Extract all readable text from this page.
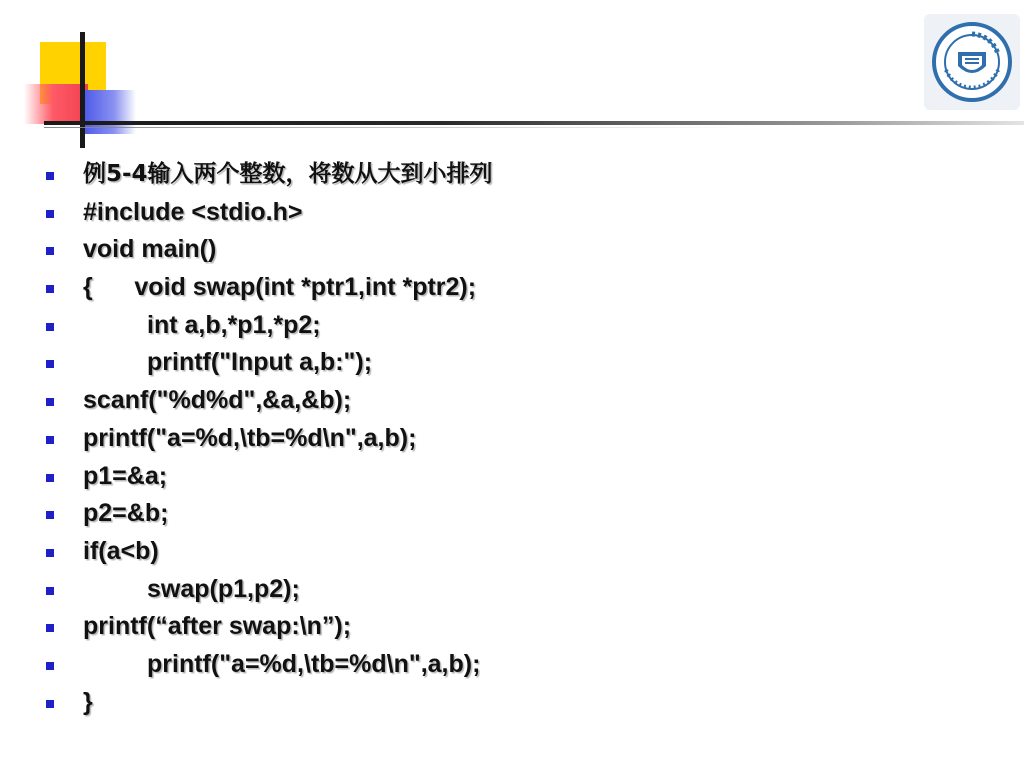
例5-4输入两个整数，将数从大到小排列
#include <stdio.h>
void main()
{      void swap(int *ptr1,int *ptr2);
int a,b,*p1,*p2;
printf("Input a,b:");
scanf("%d%d",&a,&b);
printf("a=%d,\tb=%d\n",a,b);
p1=&a;
p2=&b;
if(a<b)
swap(p1,p2);
printf(“after swap:\n”);
printf("a=%d,\tb=%d\n",a,b);
}
